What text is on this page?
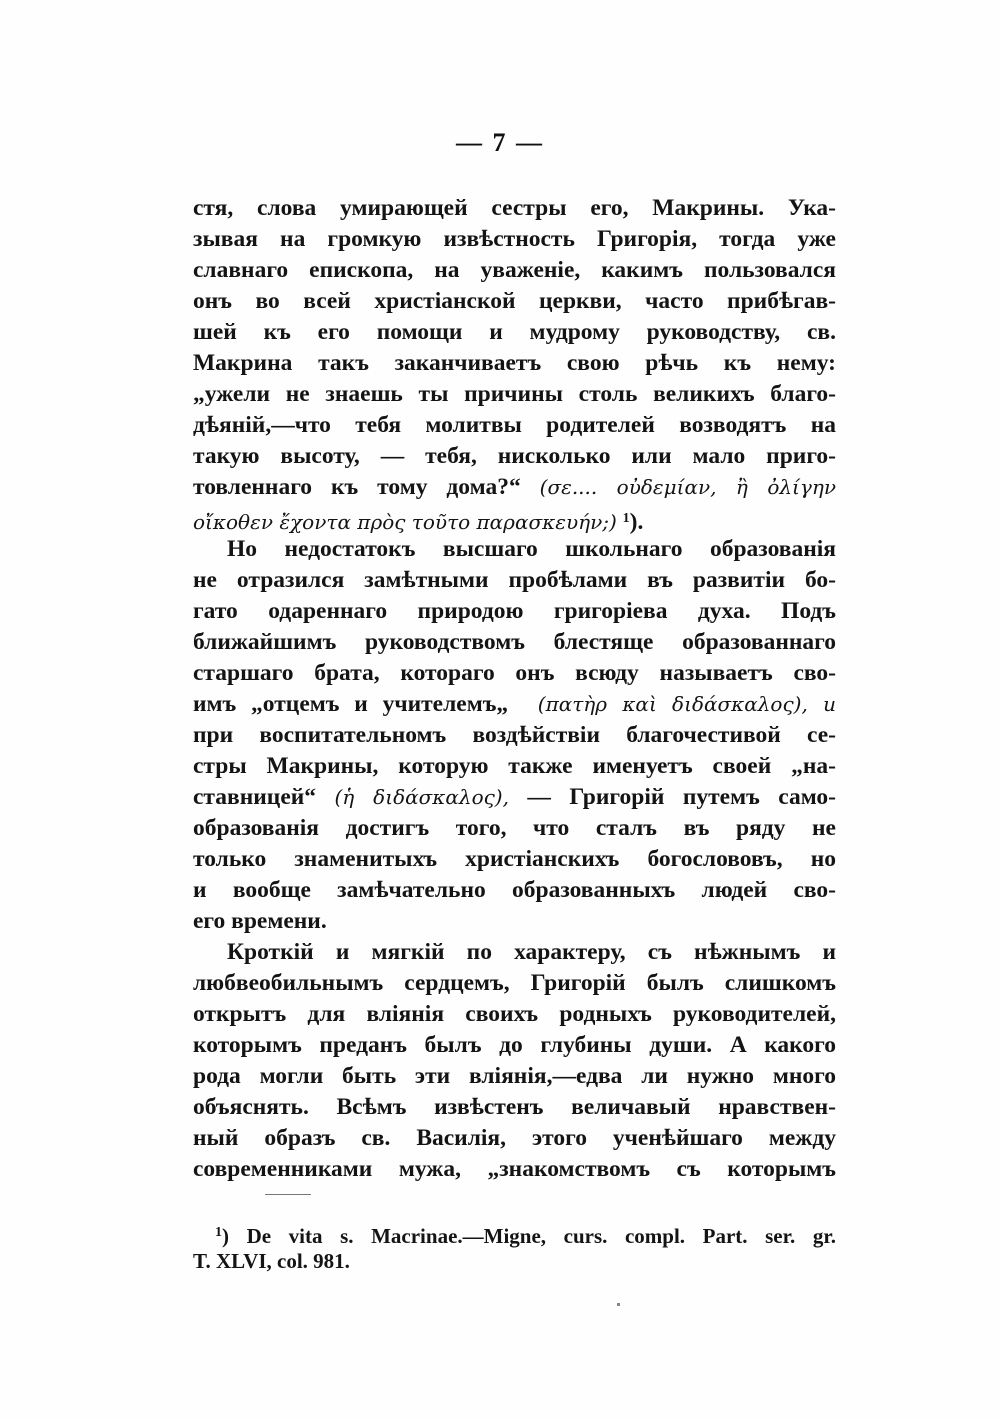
— 7 —
стя, слова умирающей сестры его, Макрины. Ука-
зывая на громкую извѣстность Григорія, тогда уже
славнаго епископа, на уваженіе, какимъ пользовался
онъ во всей христіанской церкви, часто прибѣгав-
шей къ его помощи и мудрому руководству, св.
Макрина такъ заканчиваетъ свою рѣчь къ нему:
„ужели не знаешь ты причины столь великихъ благо-
дѣяній,—что тебя молитвы родителей возводятъ на
такую высоту, — тебя, нисколько или мало приго-
товленнаго къ тому дома?“ (σε.... οὐδεμίαν, ἢ ὀλίγην
οἴκοθεν ἔχοντα πρὸς τοῦτο παρασκευήν;) $^1$).
Но недостатокъ высшаго школьнаго образованія
не отразился замѣтными пробѣлами въ развитіи бо-
гато одареннаго природою григоріева духа. Подъ
ближайшимъ руководствомъ блестяще образованнаго
старшаго брата, котораго онъ всюду называетъ сво-
имъ „отцемъ и учителемъ„ (πατὴρ καὶ διδάσκαλος), и
при воспитательномъ воздѣйствіи благочестивой се-
стры Макрины, которую также именуетъ своей „на-
ставницей“ (ἡ διδάσκαλος), — Григорій путемъ само-
образованія достигъ того, что сталъ въ ряду не
только знаменитыхъ христіанскихъ богослововъ, но
и вообще замѣчательно образованныхъ людей сво-
его времени.
Кроткій и мягкій по характеру, съ нѣжнымъ и
любвеобильнымъ сердцемъ, Григорій былъ слишкомъ
открытъ для вліянія своихъ родныхъ руководителей,
которымъ преданъ былъ до глубины души. А какого
рода могли быть эти вліянія,—едва ли нужно много
объяснять. Всѣмъ извѣстенъ величавый нравствен-
ный образъ св. Василія, этого ученѣйшаго между
современниками мужа, „знакомствомъ съ которымъ
$^1$) De vita s. Macrinae.—Migne, curs. compl. Part. ser. gr.
T. XLVI, col. 981.
